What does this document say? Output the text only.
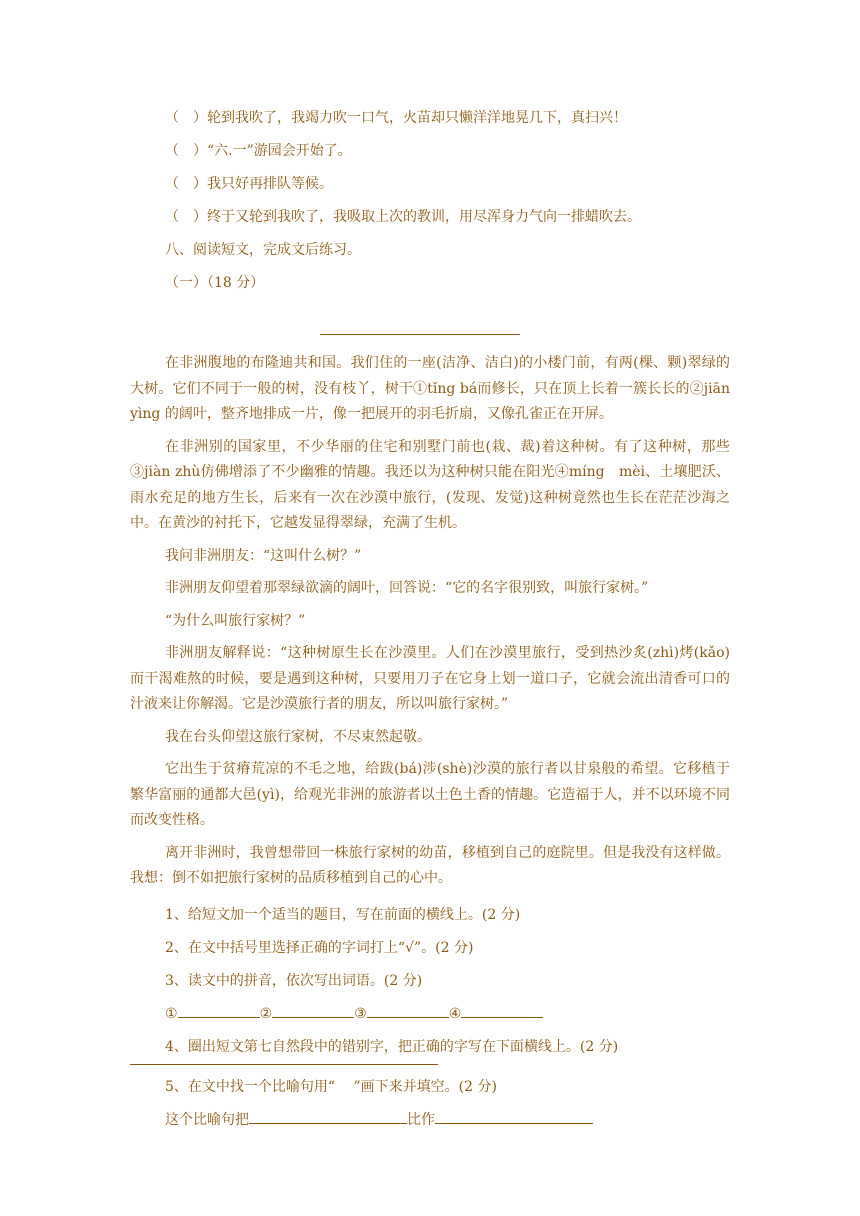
（　）轮到我吹了，我竭力吹一口气，火苗却只懒洋洋地晃几下，真扫兴！
（　）“六.一”游园会开始了。
（　）我只好再排队等候。
（　）终于又轮到我吹了，我吸取上次的教训，用尽浑身力气向一排蜡吹去。
八、阅读短文，完成文后练习。
（一）（18 分）

在非洲腹地的布隆迪共和国。我们住的一座(洁净、洁白)的小楼门前，有两(棵、颗)翠绿的大树。它们不同于一般的树，没有枝丫，树干①tǐng bá而修长，只在顶上长着一簇长长的②jiān yìng 的阔叶，整齐地排成一片，像一把展开的羽毛折扇，又像孔雀正在开屏。

在非洲别的国家里，不少华丽的住宅和别墅门前也(栽、裁)着这种树。有了这种树，那些③jiàn zhù仿佛增添了不少幽雅的情趣。我还以为这种树只能在阳光④míng　mèi、土壤肥沃、雨水充足的地方生长，后来有一次在沙漠中旅行，(发现、发觉)这种树竟然也生长在茫茫沙海之中。在黄沙的衬托下，它越发显得翠绿，充满了生机。

我问非洲朋友：“这叫什么树？”

非洲朋友仰望着那翠绿欲滴的阔叶，回答说：“它的名字很别致，叫旅行家树。”

“为什么叫旅行家树？”

非洲朋友解释说：“这种树原生长在沙漠里。人们在沙漠里旅行，受到热沙炙(zhì)烤(kǎo)而干渴难熬的时候，要是遇到这种树，只要用刀子在它身上划一道口子，它就会流出清香可口的汁液来让你解渴。它是沙漠旅行者的朋友，所以叫旅行家树。”

我在台头仰望这旅行家树，不尽束然起敬。

它出生于贫瘠荒凉的不毛之地，给跋(bá)涉(shè)沙漠的旅行者以甘泉般的希望。它移植于繁华富丽的通都大邑(yì)，给观光非洲的旅游者以土色土香的情趣。它造福于人，并不以环境不同而改变性格。

离开非洲时，我曾想带回一株旅行家树的幼苗，移植到自己的庭院里。但是我没有这样做。我想：倒不如把旅行家树的品质移植到自己的心中。

1、给短文加一个适当的题目，写在前面的横线上。(2 分)
2、在文中括号里选择正确的字词打上“√”。(2 分)
3、读文中的拼音，依次写出词语。(2 分)
①	②	③	④
4、圈出短文第七自然段中的错别字，把正确的字写在下面横线上。(2 分)
5、在文中找一个比喻句用“　 ”画下来并填空。(2 分)
这个比喻句把	比作
